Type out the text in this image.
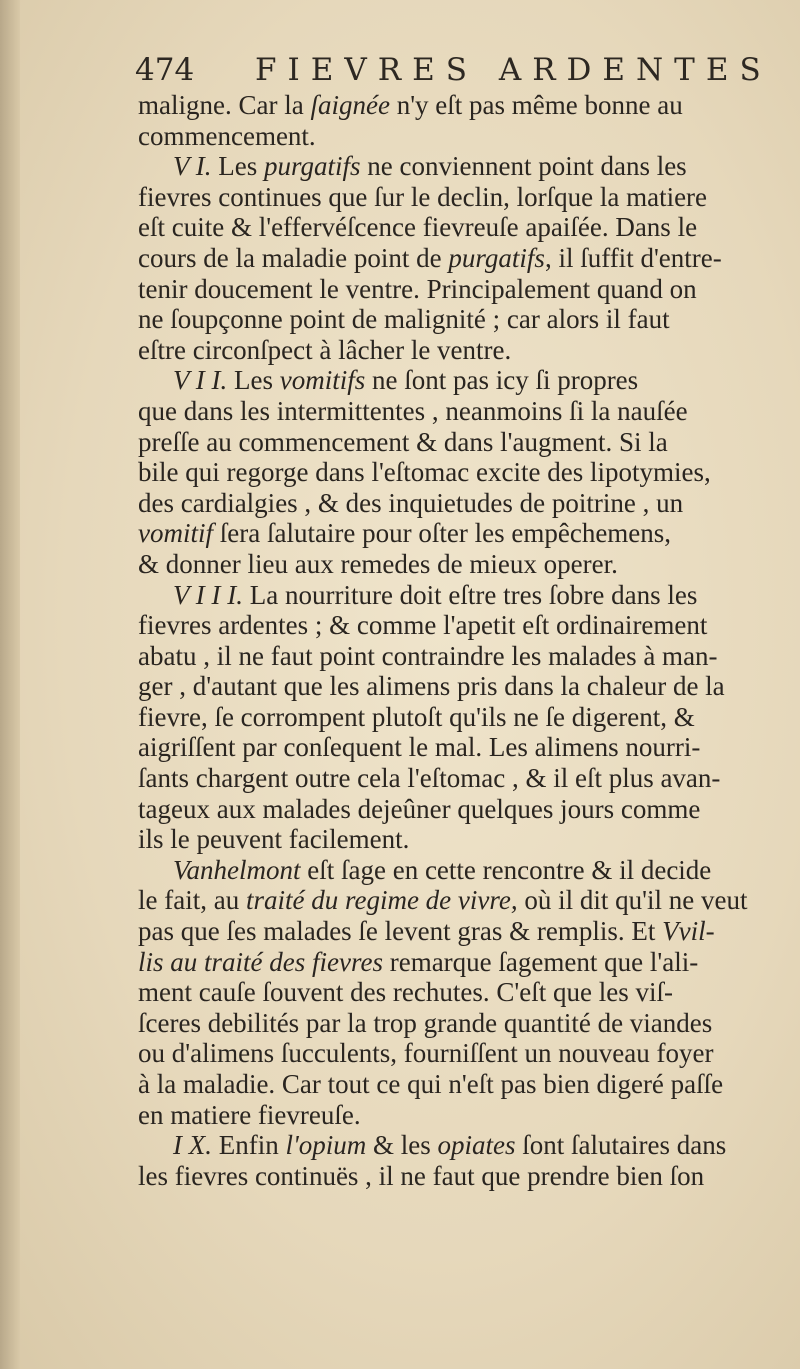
474 FIEVRES ARDENTES
maligne. Car la ſaignée n'y eſt pas même bonne au
commencement.
V I. Les purgatifs ne conviennent point dans les
fievres continues que ſur le declin, lorſque la matiere
eſt cuite & l'effervéſcence fievreuſe apaiſée. Dans le
cours de la maladie point de purgatifs, il ſuffit d'entre-
tenir doucement le ventre. Principalement quand on
ne ſoupçonne point de malignité ; car alors il faut
eſtre circonſpect à lâcher le ventre.
V I I. Les vomitifs ne ſont pas icy ſi propres
que dans les intermittentes , neanmoins ſi la nauſée
preſſe au commencement & dans l'augment. Si la
bile qui regorge dans l'eſtomac excite des lipotymies,
des cardialgies , & des inquietudes de poitrine , un
vomitif ſera ſalutaire pour oſter les empêchemens,
& donner lieu aux remedes de mieux operer.
V I I I. La nourriture doit eſtre tres ſobre dans les
fievres ardentes ; & comme l'apetit eſt ordinairement
abatu , il ne faut point contraindre les malades à man-
ger , d'autant que les alimens pris dans la chaleur de la
fievre, ſe corrompent plutoſt qu'ils ne ſe digerent, &
aigriſſent par conſequent le mal. Les alimens nourri-
ſants chargent outre cela l'eſtomac , & il eſt plus avan-
tageux aux malades dejeûner quelques jours comme
ils le peuvent facilement.
Vanhelmont eſt ſage en cette rencontre & il decide
le fait, au traité du regime de vivre, où il dit qu'il ne veut
pas que ſes malades ſe levent gras & remplis. Et Vvil-
lis au traité des fievres remarque ſagement que l'ali-
ment cauſe ſouvent des rechutes. C'eſt que les viſ-
ſceres debilités par la trop grande quantité de viandes
ou d'alimens ſucculents, fourniſſent un nouveau foyer
à la maladie. Car tout ce qui n'eſt pas bien digeré paſſe
en matiere fievreuſe.
I X. Enfin l'opium & les opiates ſont ſalutaires dans
les fievres continuës , il ne faut que prendre bien ſon
